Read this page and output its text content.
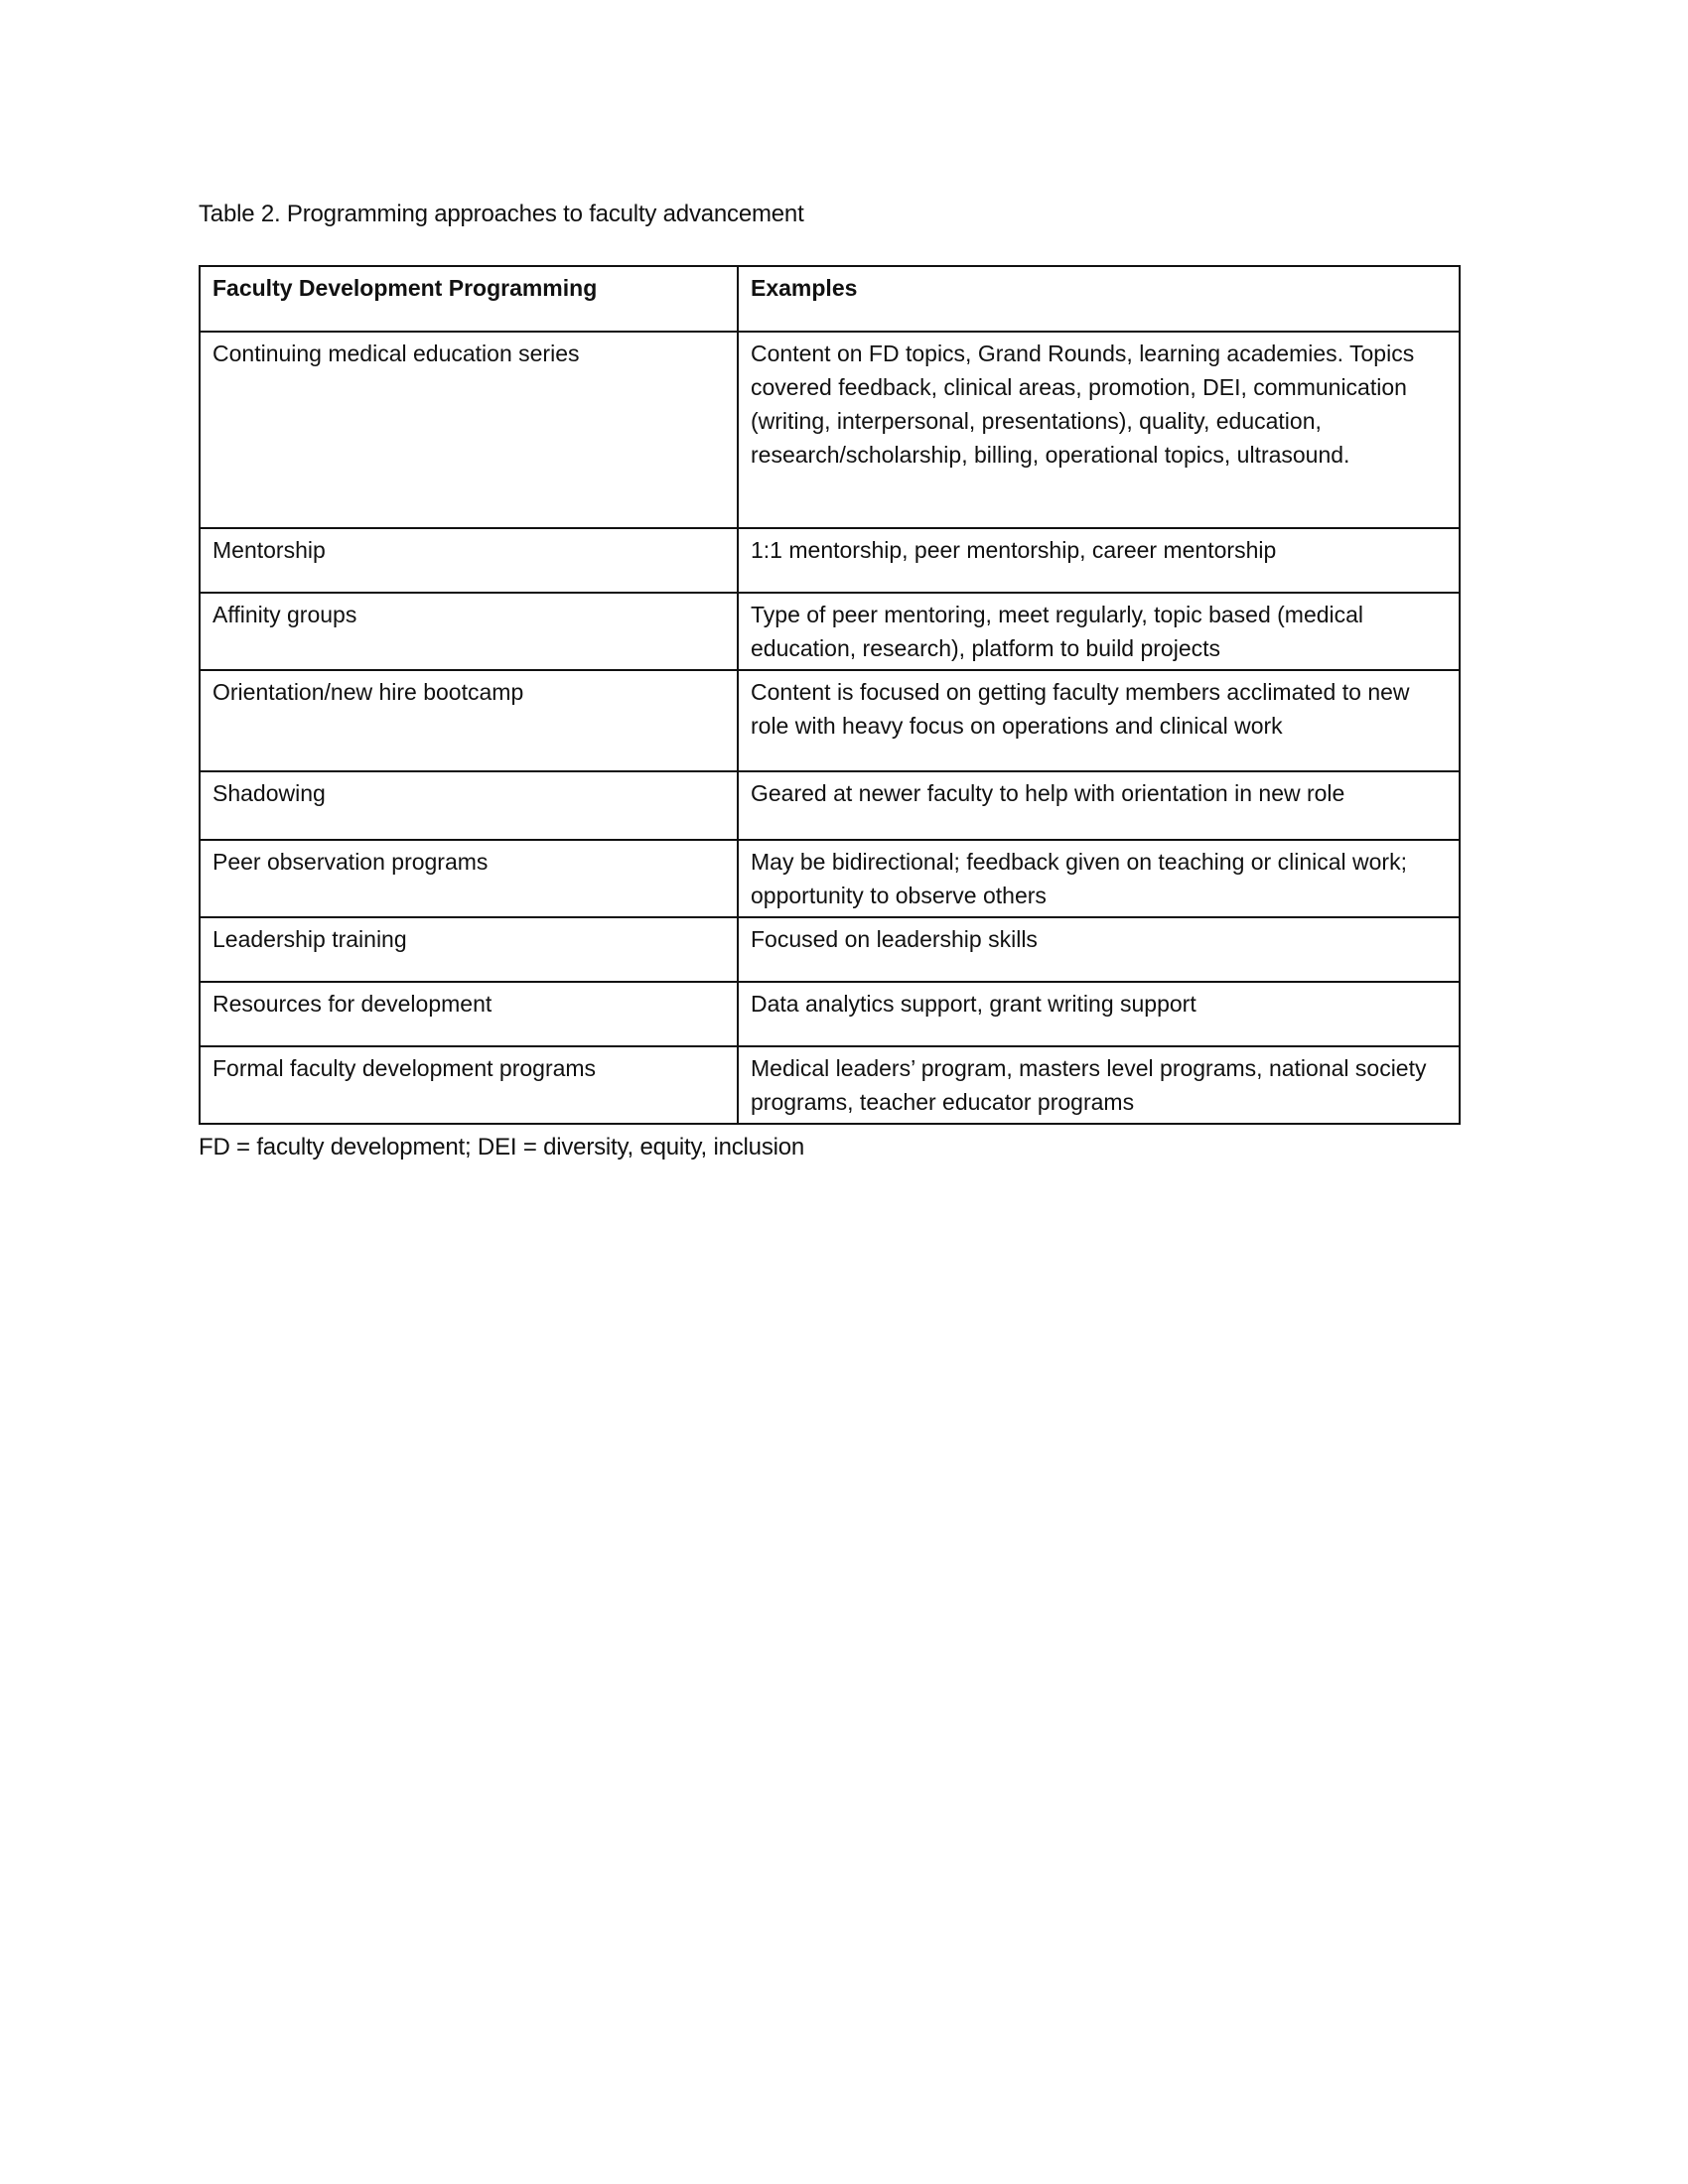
Table 2. Programming approaches to faculty advancement
Faculty Development Programming	Examples
Continuing medical education series	Content on FD topics, Grand Rounds, learning academies. Topics covered feedback, clinical areas, promotion, DEI, communication (writing, interpersonal, presentations), quality, education, research/scholarship, billing, operational topics, ultrasound.
Mentorship	1:1 mentorship, peer mentorship, career mentorship
Affinity groups	Type of peer mentoring, meet regularly, topic based (medical education, research), platform to build projects
Orientation/new hire bootcamp	Content is focused on getting faculty members acclimated to new role with heavy focus on operations and clinical work
Shadowing	Geared at newer faculty to help with orientation in new role
Peer observation programs	May be bidirectional; feedback given on teaching or clinical work; opportunity to observe others
Leadership training	Focused on leadership skills
Resources for development	Data analytics support, grant writing support
Formal faculty development programs	Medical leaders’ program, masters level programs, national society programs, teacher educator programs
FD = faculty development; DEI = diversity, equity, inclusion
